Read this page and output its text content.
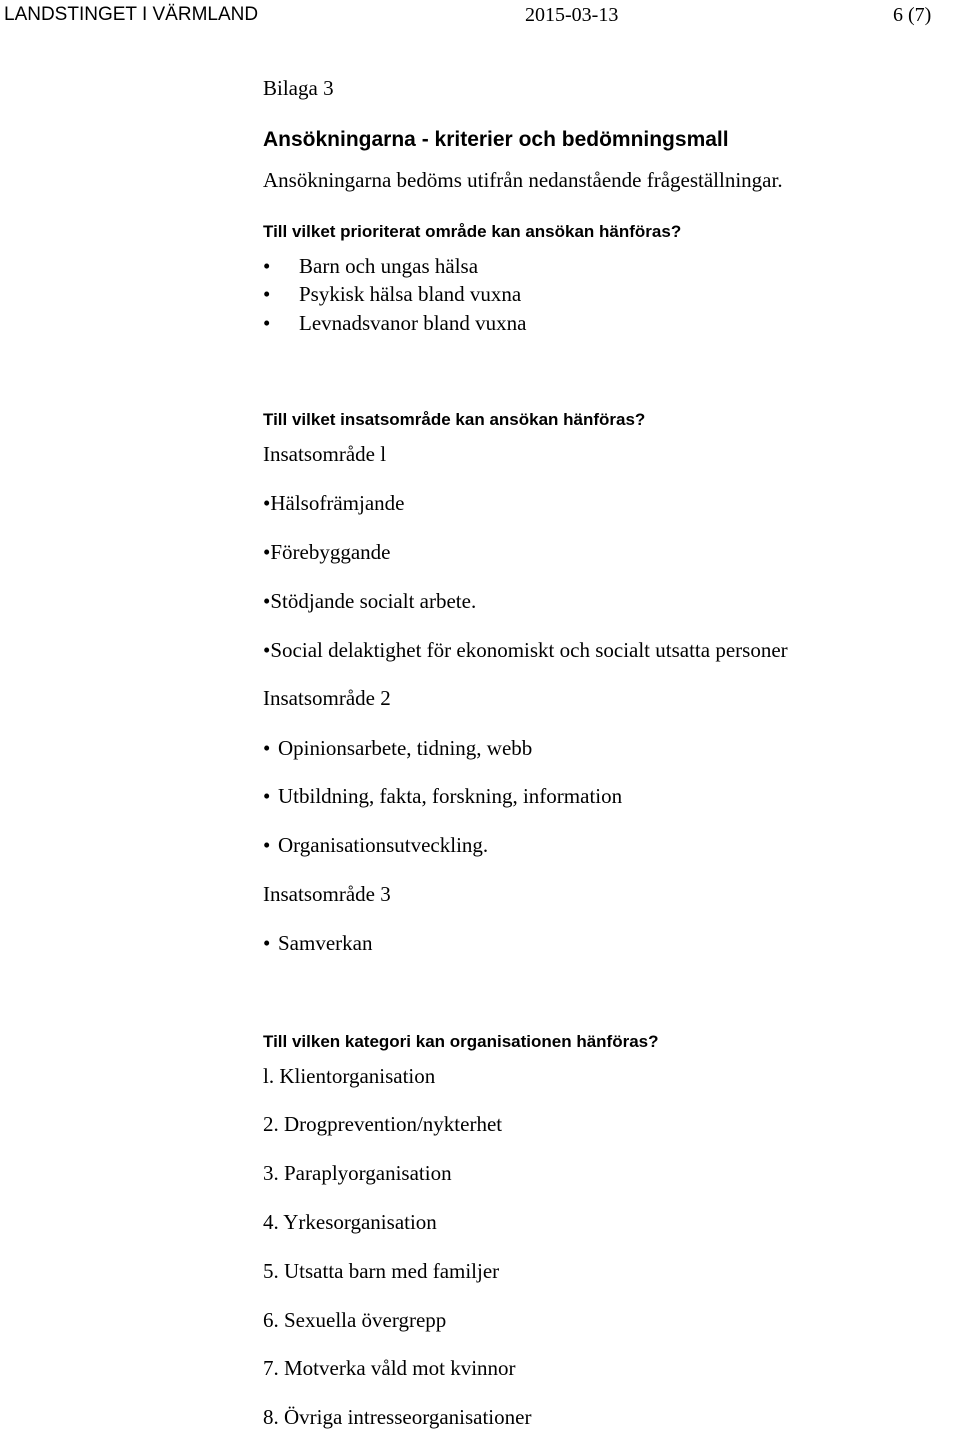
LANDSTINGET I VÄRMLAND	2015-03-13	6 (7)
Bilaga 3
Ansökningarna - kriterier och bedömningsmall
Ansökningarna bedöms utifrån nedanstående frågeställningar.
Till vilket prioriterat område kan ansökan hänföras?
• Barn och ungas hälsa
• Psykisk hälsa bland vuxna
• Levnadsvanor bland vuxna
Till vilket insatsområde kan ansökan hänföras?
Insatsområde l
•Hälsofrämjande
•Förebyggande
•Stödjande socialt arbete.
•Social delaktighet för ekonomiskt och socialt utsatta personer
Insatsområde 2
• Opinionsarbete, tidning, webb
• Utbildning, fakta, forskning, information
• Organisationsutveckling.
Insatsområde 3
• Samverkan
Till vilken kategori kan organisationen hänföras?
l. Klientorganisation
2. Drogprevention/nykterhet
3. Paraplyorganisation
4. Yrkesorganisation
5. Utsatta barn med familjer
6. Sexuella övergrepp
7. Motverka våld mot kvinnor
8. Övriga intresseorganisationer
